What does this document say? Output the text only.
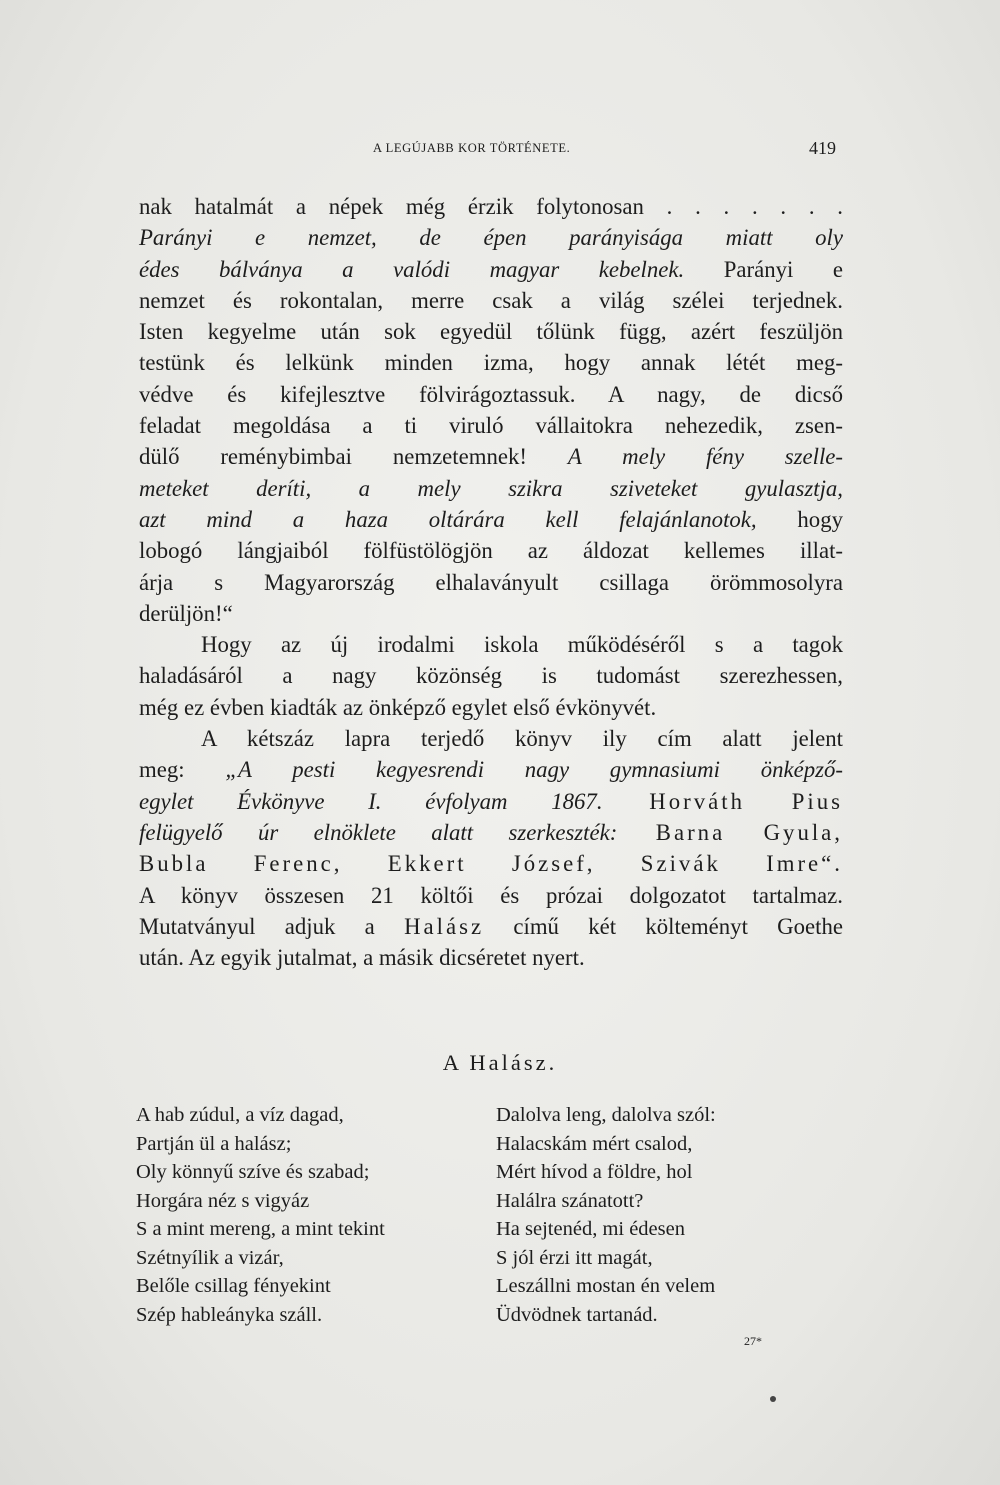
A LEGÚJABB KOR TÖRTÉNETE.	419
nak hatalmát a népek még érzik folytonosan . . . . . . .
Parányi e nemzet, de épen parányisága miatt oly
édes bálványa a valódi magyar kebelnek. Parányi e
nemzet és rokontalan, merre csak a világ szélei terjednek.
Isten kegyelme után sok egyedül tőlünk függ, azért feszüljön
testünk és lelkünk minden izma, hogy annak létét meg-
védve és kifejlesztve fölvirágoztassuk. A nagy, de dicső
feladat megoldása a ti viruló vállaitokra nehezedik, zsen-
dülő reménybimbai nemzetemnek! A mely fény szelle-
meteket deríti, a mely szikra sziveteket gyulasztja,
azt mind a haza oltárára kell felajánlanotok, hogy
lobogó lángjaiból fölfüstölögjön az áldozat kellemes illat-
árja s Magyarország elhalaványult csillaga örömmosolyra
derüljön!“
Hogy az új irodalmi iskola működéséről s a tagok
haladásáról a nagy közönség is tudomást szerezhessen,
még ez évben kiadták az önképző egylet első évkönyvét.
A kétszáz lapra terjedő könyv ily cím alatt jelent
meg: „A pesti kegyesrendi nagy gymnasiumi önképző-
egylet Évkönyve I. évfolyam 1867. Horváth Pius
felügyelő úr elnöklete alatt szerkeszték: Barna Gyula,
Bubla Ferenc, Ekkert József, Szivák Imre“.
A könyv összesen 21 költői és prózai dolgozatot tartalmaz.
Mutatványul adjuk a Halász című két költeményt Goethe
után. Az egyik jutalmat, a másik dicséretet nyert.
A Halász.
A hab zúdul, a víz dagad,
Partján ül a halász;
Oly könnyű szíve és szabad;
Horgára néz s vigyáz
S a mint mereng, a mint tekint
Szétnyílik a vizár,
Belőle csillag fényekint
Szép hableányka száll.
Dalolva leng, dalolva szól:
Halacskám mért csalod,
Mért hívod a földre, hol
Halálra szánatott?
Ha sejtenéd, mi édesen
S jól érzi itt magát,
Leszállni mostan én velem
Üdvödnek tartanád.
27*
